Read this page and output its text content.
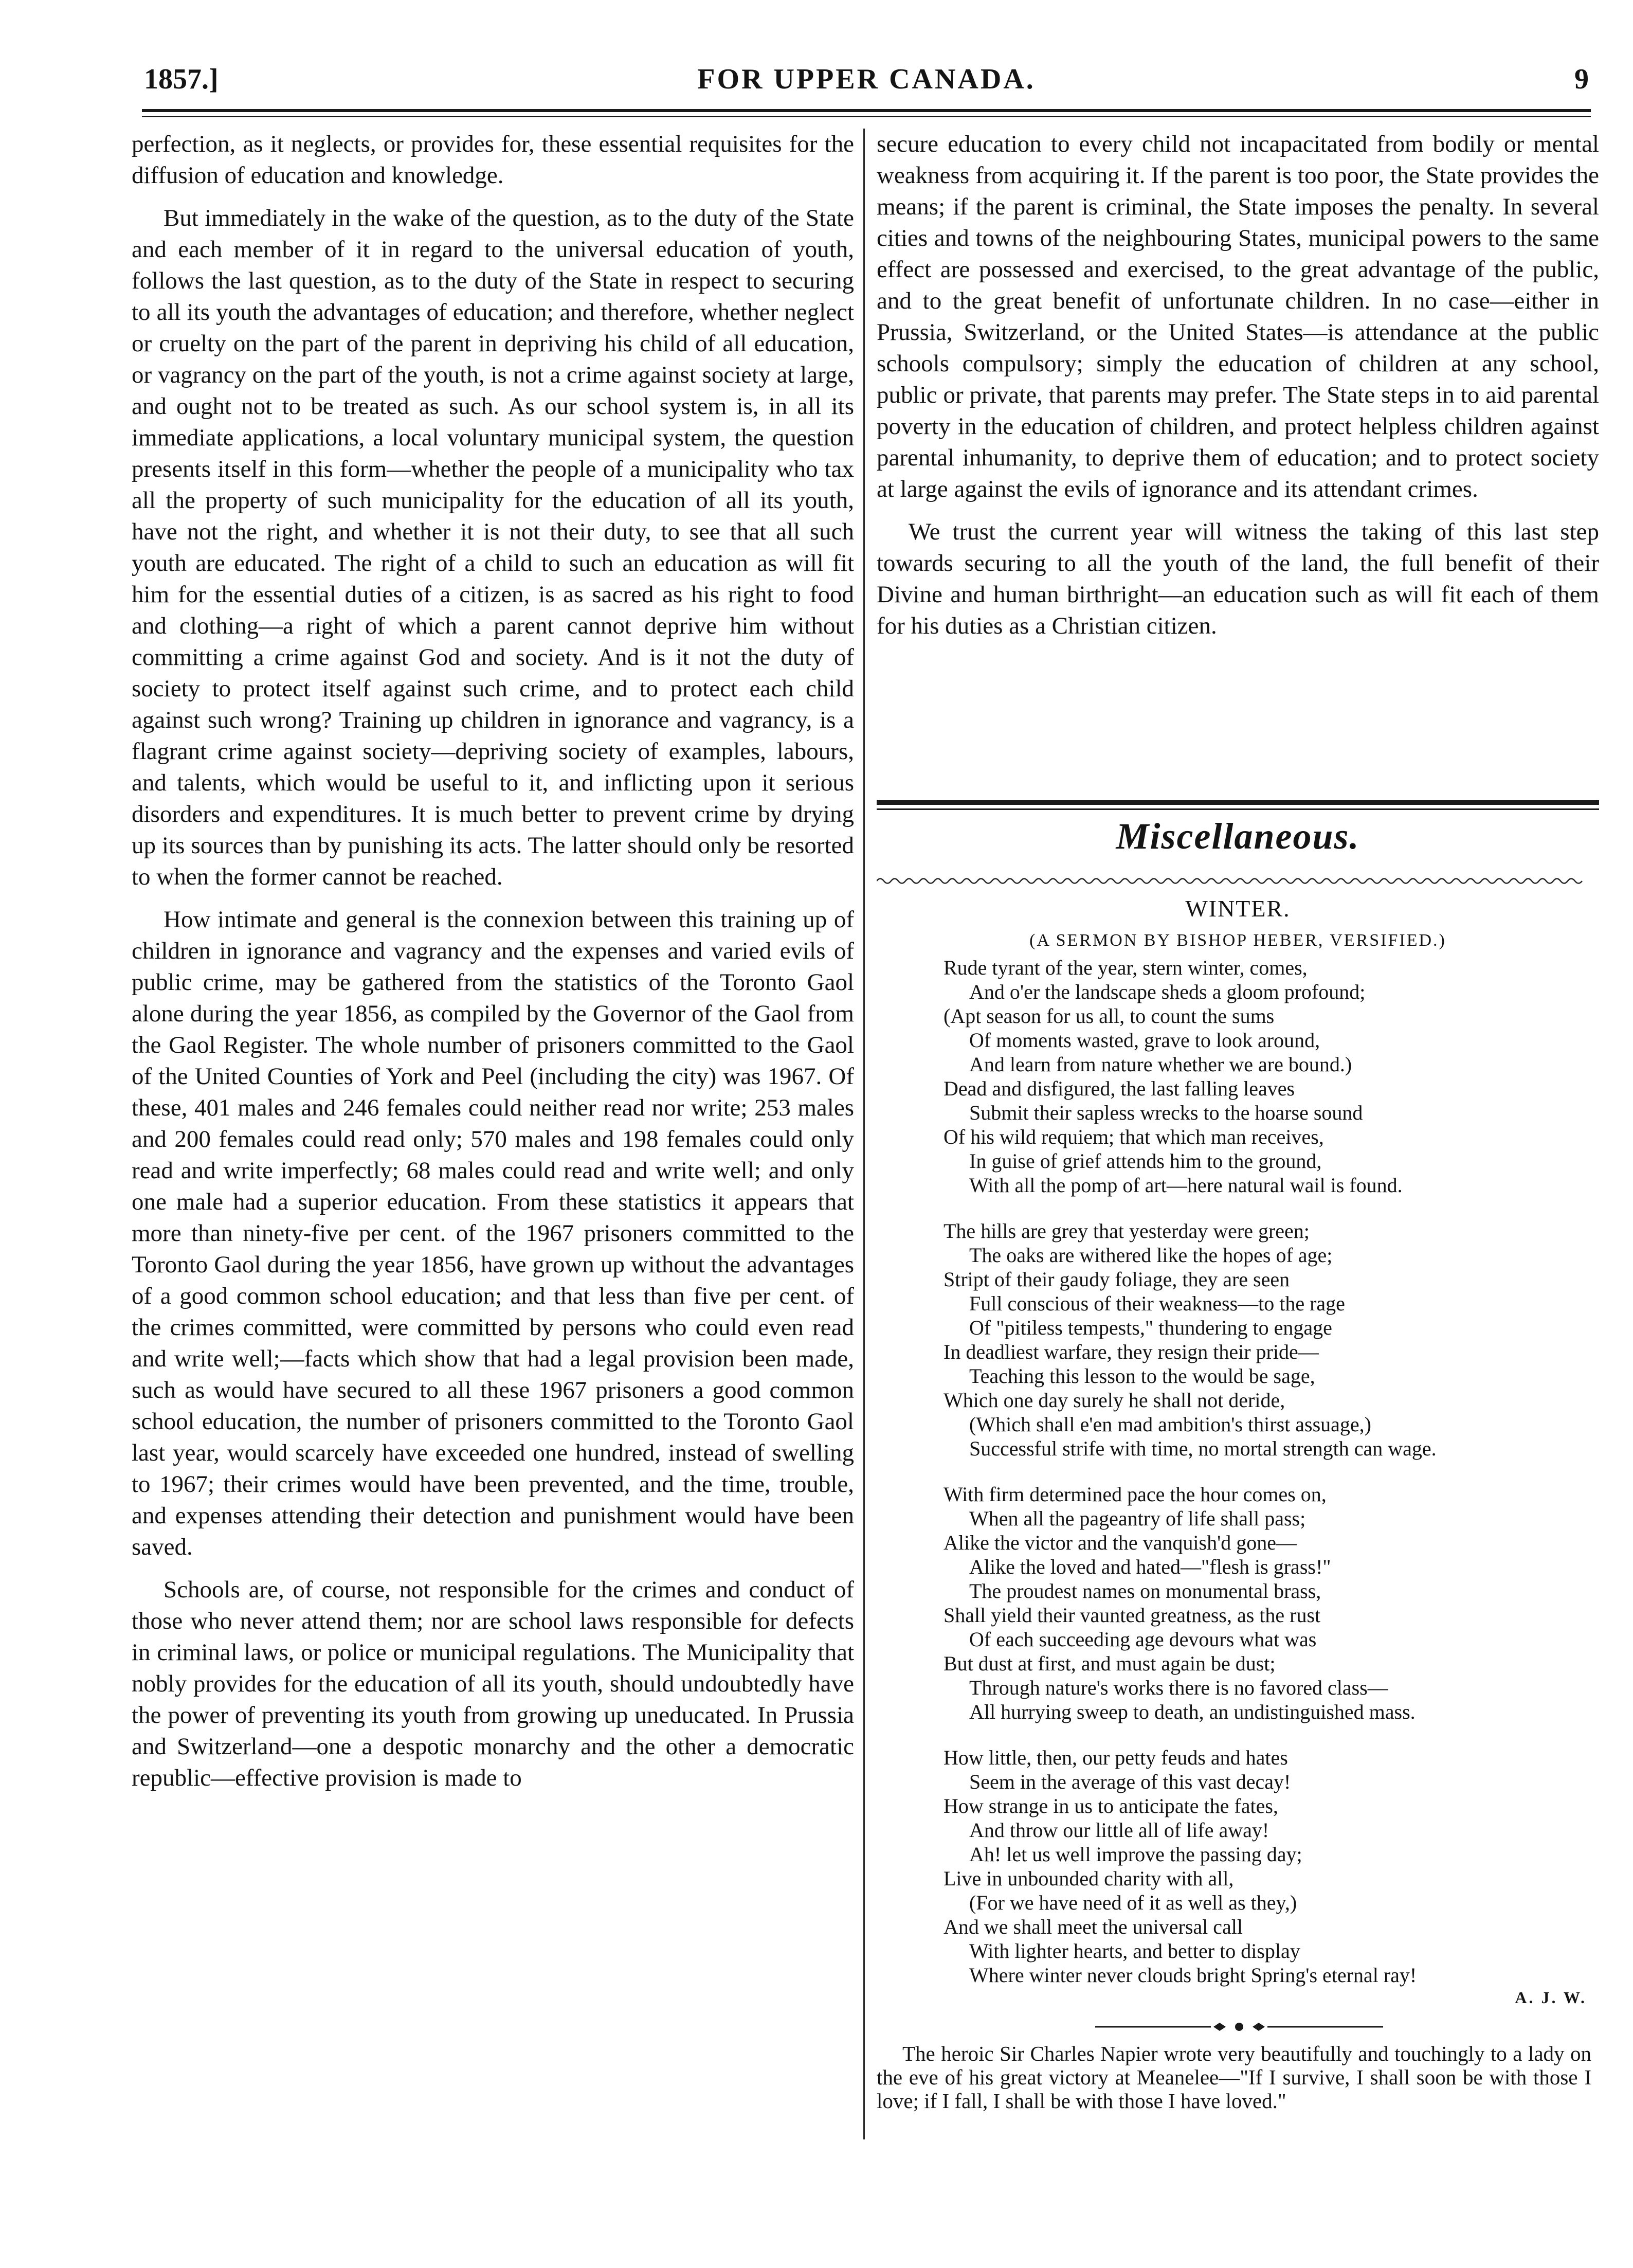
1857.]	FOR UPPER CANADA.	9

perfection, as it neglects, or provides for, these essential requisites for the diffusion of education and knowledge.

But immediately in the wake of the question, as to the duty of the State and each member of it in regard to the universal education of youth, follows the last question, as to the duty of the State in respect to securing to all its youth the advantages of education; and therefore, whether neglect or cruelty on the part of the parent in depriving his child of all education, or vagrancy on the part of the youth, is not a crime against society at large, and ought not to be treated as such. As our school system is, in all its immediate applications, a local voluntary municipal system, the question presents itself in this form—whether the people of a municipality who tax all the property of such municipality for the education of all its youth, have not the right, and whether it is not their duty, to see that all such youth are educated. The right of a child to such an education as will fit him for the essential duties of a citizen, is as sacred as his right to food and clothing—a right of which a parent cannot deprive him without committing a crime against God and society. And is it not the duty of society to protect itself against such crime, and to protect each child against such wrong? Training up children in ignorance and vagrancy, is a flagrant crime against society—depriving society of examples, labours, and talents, which would be useful to it, and inflicting upon it serious disorders and expenditures. It is much better to prevent crime by drying up its sources than by punishing its acts. The latter should only be resorted to when the former cannot be reached.

How intimate and general is the connexion between this training up of children in ignorance and vagrancy and the expenses and varied evils of public crime, may be gathered from the statistics of the Toronto Gaol alone during the year 1856, as compiled by the Governor of the Gaol from the Gaol Register. The whole number of prisoners committed to the Gaol of the United Counties of York and Peel (including the city) was 1967. Of these, 401 males and 246 females could neither read nor write; 253 males and 200 females could read only; 570 males and 198 females could only read and write imperfectly; 68 males could read and write well; and only one male had a superior education. From these statistics it appears that more than ninety-five per cent. of the 1967 prisoners committed to the Toronto Gaol during the year 1856, have grown up without the advantages of a good common school education; and that less than five per cent. of the crimes committed, were committed by persons who could even read and write well;—facts which show that had a legal provision been made, such as would have secured to all these 1967 prisoners a good common school education, the number of prisoners committed to the Toronto Gaol last year, would scarcely have exceeded one hundred, instead of swelling to 1967; their crimes would have been prevented, and the time, trouble, and expenses attending their detection and punishment would have been saved.

Schools are, of course, not responsible for the crimes and conduct of those who never attend them; nor are school laws responsible for defects in criminal laws, or police or municipal regulations. The Municipality that nobly provides for the education of all its youth, should undoubtedly have the power of preventing its youth from growing up uneducated. In Prussia and Switzerland—one a despotic monarchy and the other a democratic republic—effective provision is made to

secure education to every child not incapacitated from bodily or mental weakness from acquiring it. If the parent is too poor, the State provides the means; if the parent is criminal, the State imposes the penalty. In several cities and towns of the neighbouring States, municipal powers to the same effect are possessed and exercised, to the great advantage of the public, and to the great benefit of unfortunate children. In no case—either in Prussia, Switzerland, or the United States—is attendance at the public schools compulsory; simply the education of children at any school, public or private, that parents may prefer. The State steps in to aid parental poverty in the education of children, and protect helpless children against parental inhumanity, to deprive them of education; and to protect society at large against the evils of ignorance and its attendant crimes.

We trust the current year will witness the taking of this last step towards securing to all the youth of the land, the full benefit of their Divine and human birthright—an education such as will fit each of them for his duties as a Christian citizen.

Miscellaneous.
WINTER.
(A SERMON BY BISHOP HEBER, VERSIFIED.)
Rude tyrant of the year, stern winter, comes,
And o'er the landscape sheds a gloom profound;
(Apt season for us all, to count the sums
Of moments wasted, grave to look around,
And learn from nature whether we are bound.)
Dead and disfigured, the last falling leaves
Submit their sapless wrecks to the hoarse sound
Of his wild requiem; that which man receives,
In guise of grief attends him to the ground,
With all the pomp of art—here natural wail is found.
The hills are grey that yesterday were green;
The oaks are withered like the hopes of age;
Stript of their gaudy foliage, they are seen
Full conscious of their weakness—to the rage
Of "pitiless tempests," thundering to engage
In deadliest warfare, they resign their pride—
Teaching this lesson to the would be sage,
Which one day surely he shall not deride,
(Which shall e'en mad ambition's thirst assuage,)
Successful strife with time, no mortal strength can wage.
With firm determined pace the hour comes on,
When all the pageantry of life shall pass;
Alike the victor and the vanquish'd gone—
Alike the loved and hated—"flesh is grass!"
The proudest names on monumental brass,
Shall yield their vaunted greatness, as the rust
Of each succeeding age devours what was
But dust at first, and must again be dust;
Through nature's works there is no favored class—
All hurrying sweep to death, an undistinguished mass.
How little, then, our petty feuds and hates
Seem in the average of this vast decay!
How strange in us to anticipate the fates,
And throw our little all of life away!
Ah! let us well improve the passing day;
Live in unbounded charity with all,
(For we have need of it as well as they,)
And we shall meet the universal call
With lighter hearts, and better to display
Where winter never clouds bright Spring's eternal ray!
A. J. W.
The heroic Sir Charles Napier wrote very beautifully and touchingly to a lady on the eve of his great victory at Meanelee—"If I survive, I shall soon be with those I love; if I fall, I shall be with those I have loved."
